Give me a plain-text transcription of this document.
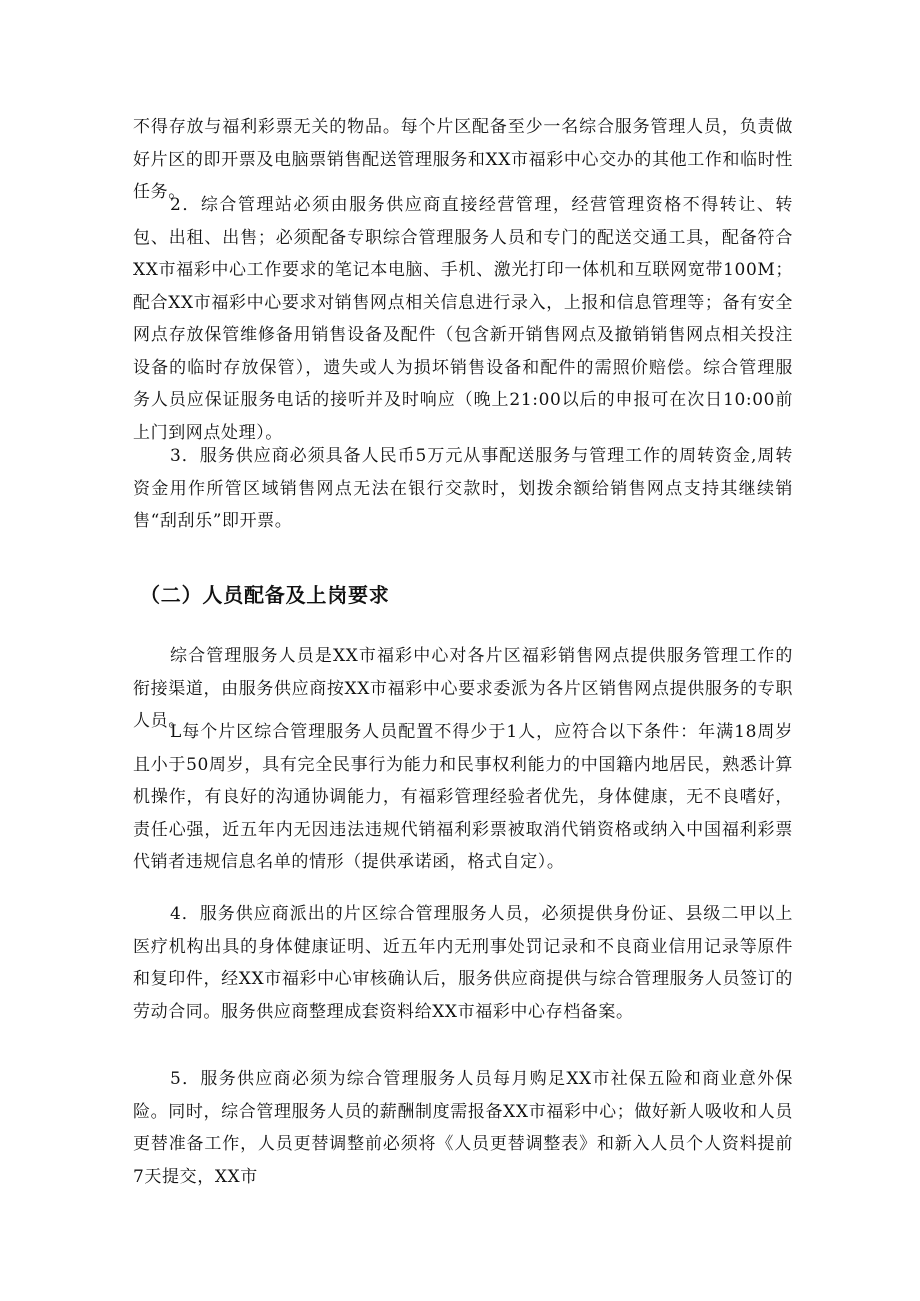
不得存放与福利彩票无关的物品。每个片区配备至少一名综合服务管理人员，负责做好片区的即开票及电脑票销售配送管理服务和XX市福彩中心交办的其他工作和临时性任务。

2．综合管理站必须由服务供应商直接经营管理，经营管理资格不得转让、转包、出租、出售；必须配备专职综合管理服务人员和专门的配送交通工具，配备符合XX市福彩中心工作要求的笔记本电脑、手机、激光打印一体机和互联网宽带100M；配合XX市福彩中心要求对销售网点相关信息进行录入，上报和信息管理等；备有安全网点存放保管维修备用销售设备及配件（包含新开销售网点及撤销销售网点相关投注设备的临时存放保管），遗失或人为损坏销售设备和配件的需照价赔偿。综合管理服务人员应保证服务电话的接听并及时响应（晚上21:00以后的申报可在次日10:00前上门到网点处理）。

3．服务供应商必须具备人民币5万元从事配送服务与管理工作的周转资金,周转资金用作所管区域销售网点无法在银行交款时，划拨余额给销售网点支持其继续销售“刮刮乐”即开票。

（二）人员配备及上岗要求

综合管理服务人员是XX市福彩中心对各片区福彩销售网点提供服务管理工作的衔接渠道，由服务供应商按XX市福彩中心要求委派为各片区销售网点提供服务的专职人员。

L每个片区综合管理服务人员配置不得少于1人，应符合以下条件：年满18周岁且小于50周岁，具有完全民事行为能力和民事权利能力的中国籍内地居民，熟悉计算机操作，有良好的沟通协调能力，有福彩管理经验者优先，身体健康，无不良嗜好，责任心强，近五年内无因违法违规代销福利彩票被取消代销资格或纳入中国福利彩票代销者违规信息名单的情形（提供承诺函，格式自定）。

4．服务供应商派出的片区综合管理服务人员，必须提供身份证、县级二甲以上医疗机构出具的身体健康证明、近五年内无刑事处罚记录和不良商业信用记录等原件和复印件，经XX市福彩中心审核确认后，服务供应商提供与综合管理服务人员签订的劳动合同。服务供应商整理成套资料给XX市福彩中心存档备案。

5．服务供应商必须为综合管理服务人员每月购足XX市社保五险和商业意外保险。同时，综合管理服务人员的薪酬制度需报备XX市福彩中心；做好新人吸收和人员更替准备工作，人员更替调整前必须将《人员更替调整表》和新入人员个人资料提前7天提交，XX市
